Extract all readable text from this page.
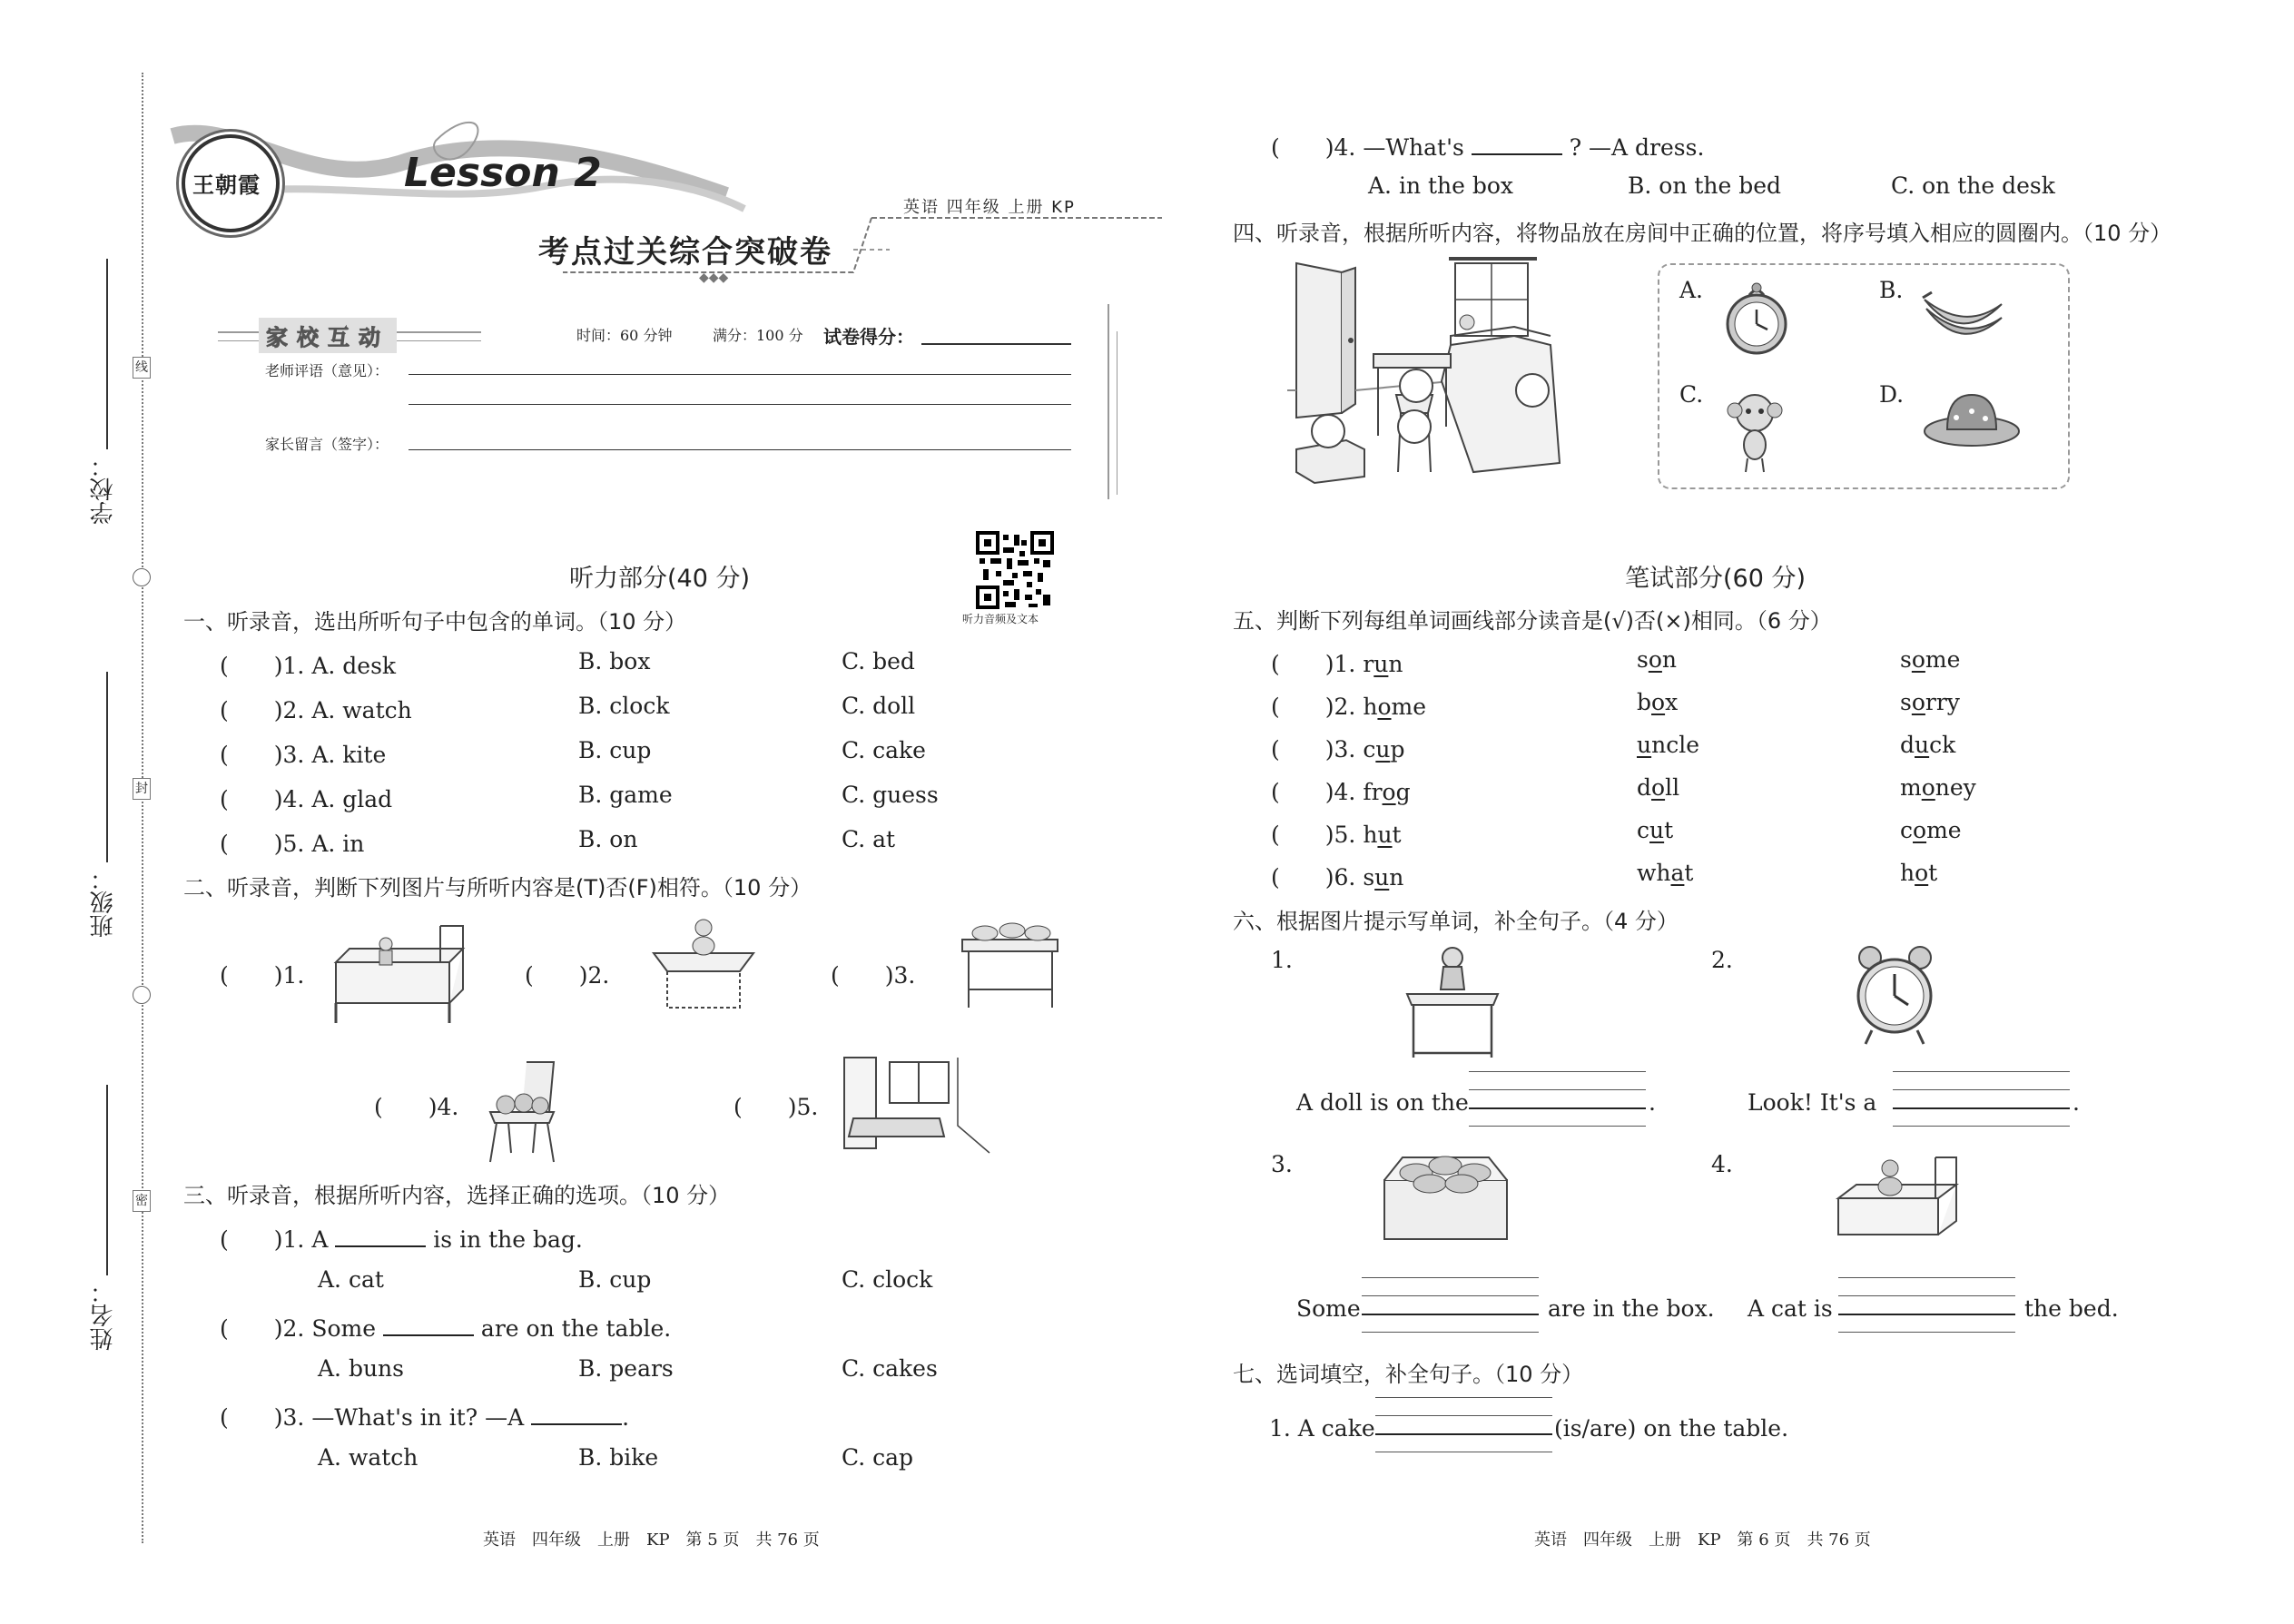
线
封
密
学校：
班级：
姓名：
王朝霞	Lesson 2
英语 四年级 上册 KP
考点过关综合突破卷
◆◆◆
家校互动	时间：60 分钟	满分：100 分 试卷得分：
老师评语（意见）：
家长留言（签字）：
听力音频及文本
听力部分(40 分)
一、听录音，选出所听句子中包含的单词。（10 分）
(　　)1. A. desk	B. box	C. bed
(　　)2. A. watch	B. clock	C. doll
(　　)3. A. kite	B. cup	C. cake
(　　)4. A. glad	B. game	C. guess
(　　)5. A. in	B. on	C. at
二、听录音，判断下列图片与所听内容是(T)否(F)相符。（10 分）
(　　)1.	(　　)2.	(　　)3.
(　　)4.	(　　)5.
三、听录音，根据所听内容，选择正确的选项。（10 分）
(　　)1. A	is in the bag.
A. cat	B. cup	C. clock
(　　)2. Some	are on the table.
A. buns	B. pears	C. cakes
(　　)3. —What's in it? —A	.
A. watch	B. bike	C. cap
英语　四年级　上册　KP　第 5 页　共 76 页
(　　)4. —What's	? —A dress.
A. in the box	B. on the bed	C. on the desk
四、听录音，根据所听内容，将物品放在房间中正确的位置，将序号填入相应的圆圈内。（10 分）
A.	B.
C.	D.
笔试部分(60 分)
五、判断下列每组单词画线部分读音是(√)否(×)相同。（6 分）
(　　)1. run	son	some
(　　)2. home	box	sorry
(　　)3. cup	uncle	duck
(　　)4. frog	doll	money
(　　)5. hut	cut	come
(　　)6. sun	what	hot
六、根据图片提示写单词，补全句子。（4 分）
1.	2.
A doll is on the	.	Look! It's a	.
3.	4.
Some	are in the box. A cat is	the bed.
七、选词填空，补全句子。（10 分）
1. A cake	(is/are) on the table.
英语　四年级　上册　KP　第 6 页　共 76 页
